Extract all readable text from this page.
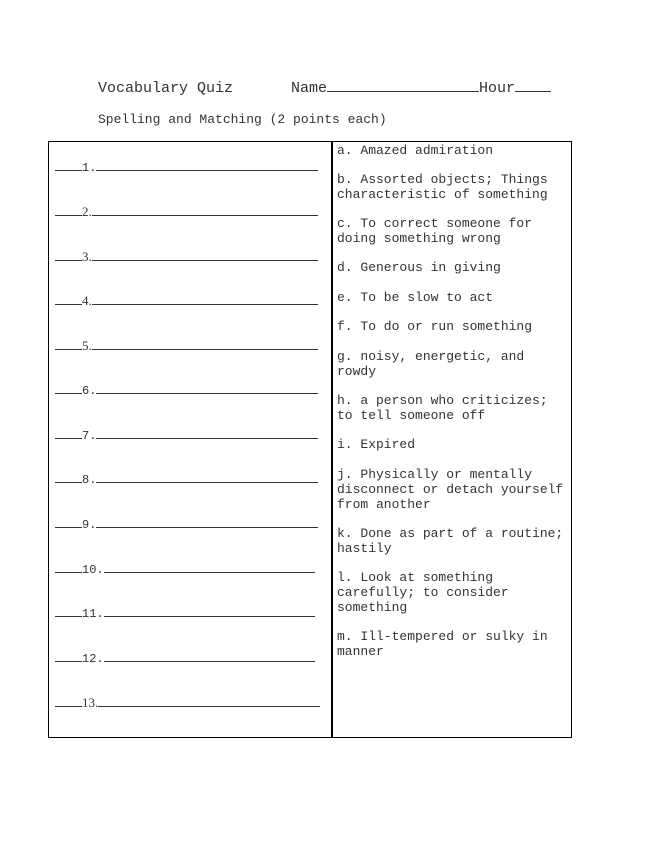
Vocabulary Quiz	Name	Hour
Spelling and Matching (2 points each)
1.
2.
3.
4.
5.
6.
7.
8.
9.
10.
11.
12.
13.
a. Amazed admiration
b. Assorted objects; Things characteristic of something
c. To correct someone for doing something wrong
d. Generous in giving
e. To be slow to act
f. To do or run something
g. noisy, energetic, and rowdy
h. a person who criticizes; to tell someone off
i. Expired
j. Physically or mentally disconnect or detach yourself from another
k. Done as part of a routine; hastily
l. Look at something carefully; to consider something
m. Ill-tempered or sulky in manner
